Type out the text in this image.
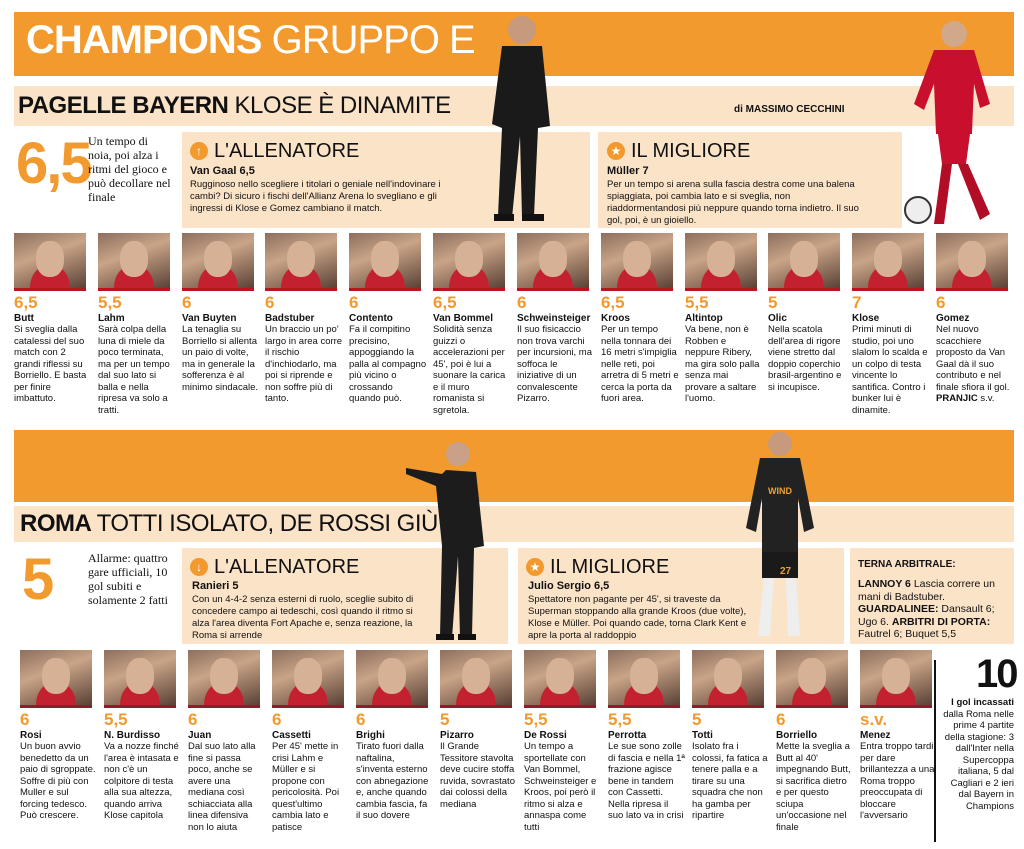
CHAMPIONS GRUPPO E
PAGELLE BAYERN KLOSE È DINAMITE	di MASSIMO CECCHINI
6,5
Un tempo di noia, poi alza i ritmi del gioco e può decollare nel finale
↑ L'ALLENATORE
Van Gaal 6,5
Rugginoso nello scegliere i titolari o geniale nell'indovinare i cambi? Di sicuro i fischi dell'Allianz Arena lo svegliano e gli ingressi di Klose e Gomez cambiano il match.
★ IL MIGLIORE
Müller 7
Per un tempo si arena sulla fascia destra come una balena spiaggiata, poi cambia lato e si sveglia, non riaddormentandosi più neppure quando torna indietro. Il suo gol, poi, è un gioiello.
6,5
Butt
Si sveglia dalla catalessi del suo match con 2 grandi riflessi su Borriello. E basta per finire imbattuto.
5,5
Lahm
Sarà colpa della luna di miele da poco terminata, ma per un tempo dal suo lato si balla e nella ripresa va solo a tratti.
6
Van Buyten
La tenaglia su Borriello si allenta un paio di volte, ma in generale la sofferenza è al minimo sindacale.
6
Badstuber
Un braccio un po' largo in area corre il rischio d'inchiodarlo, ma poi si riprende e non soffre più di tanto.
6
Contento
Fa il compitino precisino, appoggiando la palla al compagno più vicino o crossando quando può.
6,5
Van Bommel
Solidità senza guizzi o accelerazioni per 45', poi è lui a suonare la carica e il muro romanista si sgretola.
6
Schweinsteiger
Il suo fisicaccio non trova varchi per incursioni, ma soffoca le iniziative di un convalescente Pizarro.
6,5
Kroos
Per un tempo nella tonnara dei 16 metri s'impiglia nelle reti, poi arretra di 5 metri e cerca la porta da fuori area.
5,5
Altintop
Va bene, non è Robben e neppure Ribery, ma gira solo palla senza mai provare a saltare l'uomo.
5
Olic
Nella scatola dell'area di rigore viene stretto dal doppio coperchio brasil-argentino e si incupisce.
7
Klose
Primi minuti di studio, poi uno slalom lo scalda e un colpo di testa vincente lo santifica. Contro i bunker lui è dinamite.
6
Gomez
Nel nuovo scacchiere proposto da Van Gaal dà il suo contributo e nel finale sfiora il gol. PRANJIC s.v.
ROMA TOTTI ISOLATO, DE ROSSI GIÙ
5	Allarme: quattro gare ufficiali, 10 gol subiti e solamente 2 fatti
↓ L'ALLENATORE
Ranieri 5
Con un 4-4-2 senza esterni di ruolo, sceglie subito di concedere campo ai tedeschi, così quando il ritmo si alza l'area diventa Fort Apache e, senza reazione, la Roma si arrende
★ IL MIGLIORE
Julio Sergio 6,5
Spettatore non pagante per 45', si traveste da Superman stoppando alla grande Kroos (due volte), Klose e Müller. Poi quando cade, torna Clark Kent e apre la porta al raddoppio
WIND
27
TERNA ARBITRALE:
LANNOY 6 Lascia correre un mani di Badstuber. GUARDALINEE: Dansault 6; Ugo 6. ARBITRI DI PORTA: Fautrel 6; Buquet 5,5
6
Rosi
Un buon avvio benedetto da un paio di sgroppate. Soffre di più con Muller e sul forcing tedesco. Può crescere.
5,5
N. Burdisso
Va a nozze finché l'area è intasata e non c'è un colpitore di testa alla sua altezza, quando arriva Klose capitola
6
Juan
Dal suo lato alla fine si passa poco, anche se avere una mediana così schiacciata alla linea difensiva non lo aiuta
6
Cassetti
Per 45' mette in crisi Lahm e Müller e si propone con pericolosità. Poi quest'ultimo cambia lato e patisce
6
Brighi
Tirato fuori dalla naftalina, s'inventa esterno con abnegazione e, anche quando cambia fascia, fa il suo dovere
5
Pizarro
Il Grande Tessitore stavolta deve cucire stoffa ruvida, sovrastato dai colossi della mediana
5,5
De Rossi
Un tempo a sportellate con Van Bommel, Schweinsteiger e Kroos, poi però il ritmo si alza e annaspa come tutti
5,5
Perrotta
Le sue sono zolle di fascia e nella 1ª frazione agisce bene in tandem con Cassetti. Nella ripresa il suo lato va in crisi
5
Totti
Isolato fra i colossi, fa fatica a tenere palla e a tirare su una squadra che non ha gamba per ripartire
6
Borriello
Mette la sveglia a Butt al 40' impegnando Butt, si sacrifica dietro e per questo sciupa un'occasione nel finale
s.v.
Menez
Entra troppo tardi per dare brillantezza a una Roma troppo preoccupata di bloccare l'avversario
10
I gol incassati dalla Roma nelle prime 4 partite della stagione: 3 dall'Inter nella Supercoppa italiana, 5 dal Cagliari e 2 ieri dal Bayern in Champions
